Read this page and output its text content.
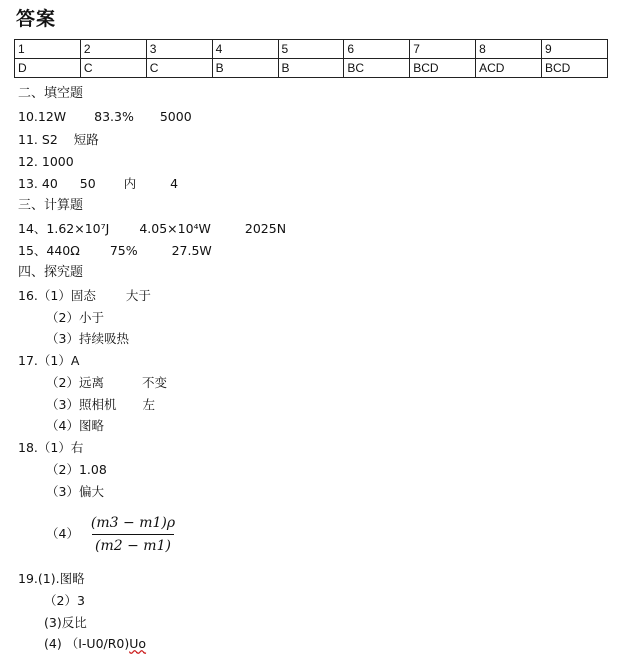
答案
1	2	3	4	5	6	7	8	9
D	C	C	B	B	BC	BCD	ACD	BCD
二、填空题
10.12W 83.3% 5000
11. S2 短路
12. 1000
13. 40 50 内	4
三、计算题
14、1.62×10⁷J 4.05×10⁴W	2025N
15、440Ω 75%	27.5W
四、探究题
16.（1）固态 大于
（2）小于
（3）持续吸热
17.（1）A
（2）远离	不变
（3）照相机 左
（4）图略
18.（1）右
（2）1.08
（3）偏大
（4）
(m3 − m1)ρ
(m2 − m1)
19.(1).图略
（2）3
(3)反比
(4) （I-U0/R0)Uo
